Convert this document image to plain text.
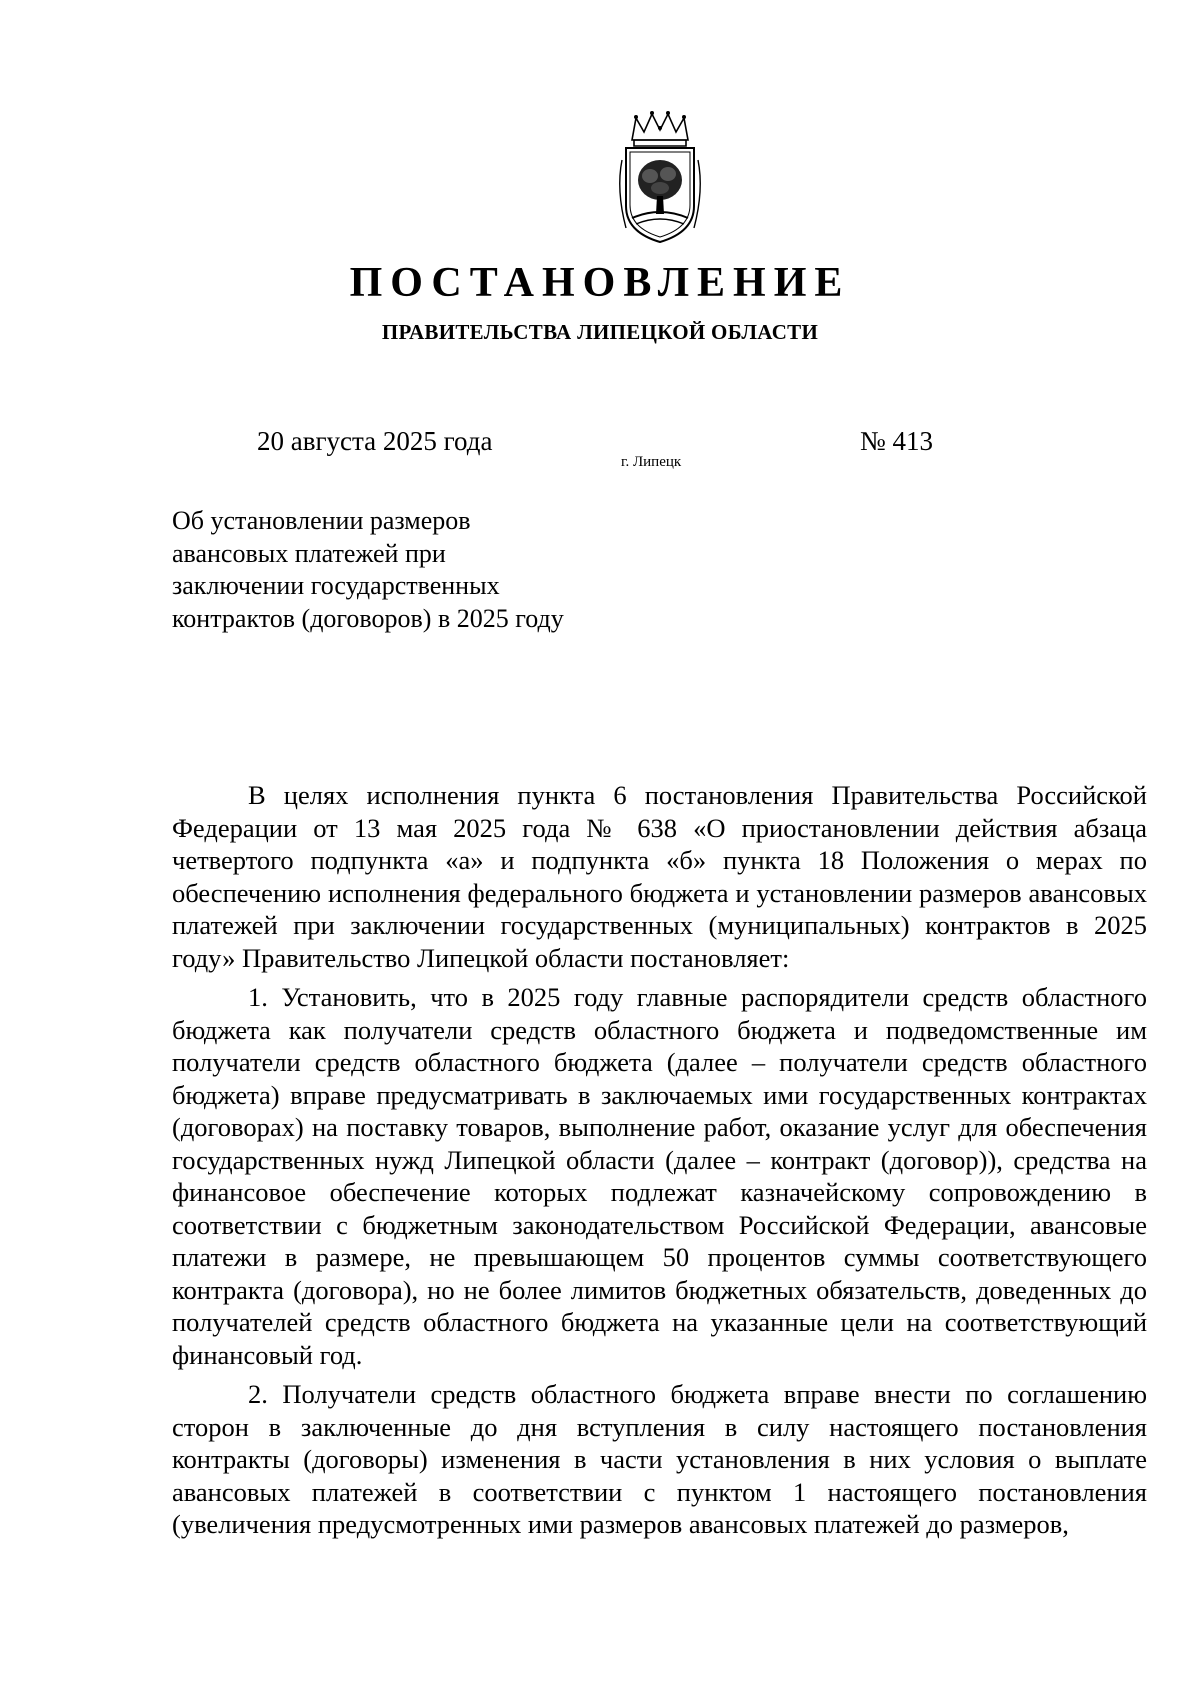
ПОСТАНОВЛЕНИЕ
ПРАВИТЕЛЬСТВА ЛИПЕЦКОЙ ОБЛАСТИ
20 августа 2025 года
г. Липецк
№ 413
Об установлении размеров
авансовых платежей при
заключении государственных
контрактов (договоров) в 2025 году

В целях исполнения пункта 6 постановления Правительства Российской Федерации от 13 мая 2025 года № 638 «О приостановлении действия абзаца четвертого подпункта «а» и подпункта «б» пункта 18 Положения о мерах по обеспечению исполнения федерального бюджета и установлении размеров авансовых платежей при заключении государственных (муниципальных) контрактов в 2025 году» Правительство Липецкой области постановляет:

1. Установить, что в 2025 году главные распорядители средств областного бюджета как получатели средств областного бюджета и подведомственные им получатели средств областного бюджета (далее – получатели средств областного бюджета) вправе предусматривать в заключаемых ими государственных контрактах (договорах) на поставку товаров, выполнение работ, оказание услуг для обеспечения государственных нужд Липецкой области (далее – контракт (договор)), средства на финансовое обеспечение которых подлежат казначейскому сопровождению в соответствии с бюджетным законодательством Российской Федерации, авансовые платежи в размере, не превышающем 50 процентов суммы соответствующего контракта (договора), но не более лимитов бюджетных обязательств, доведенных до получателей средств областного бюджета на указанные цели на соответствующий финансовый год.

2. Получатели средств областного бюджета вправе внести по соглашению сторон в заключенные до дня вступления в силу настоящего постановления контракты (договоры) изменения в части установления в них условия о выплате авансовых платежей в соответствии с пунктом 1 настоящего постановления (увеличения предусмотренных ими размеров авансовых платежей до размеров,
